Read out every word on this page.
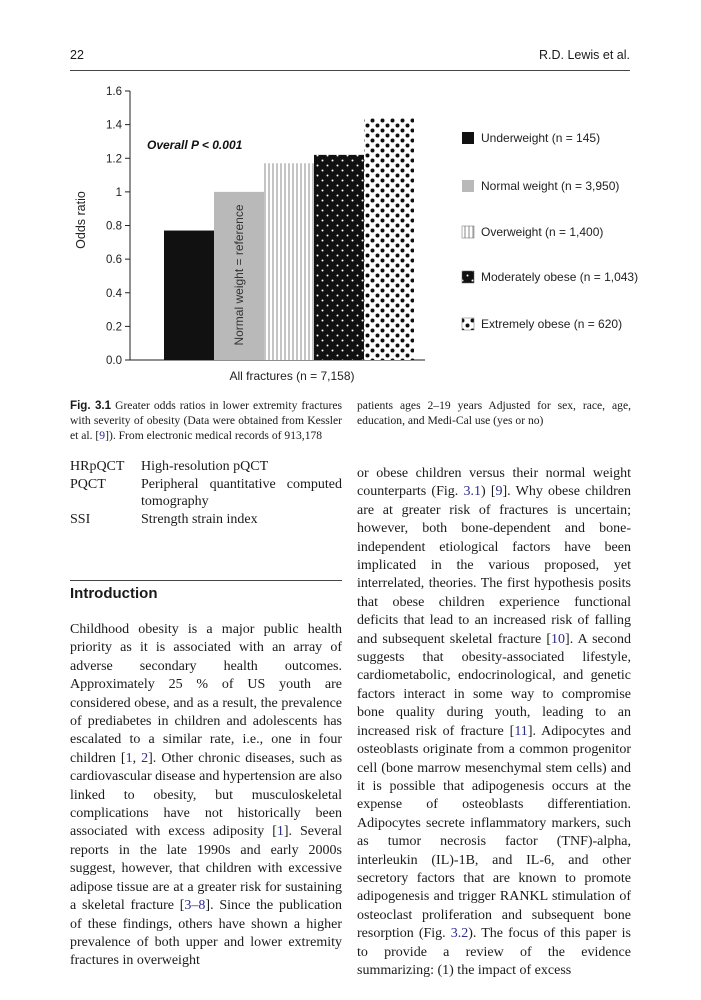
22	R.D. Lewis et al.
0.0
0.2
0.4
0.6
0.8
1
1.2
1.4
1.6
Odds ratio
All fractures (n = 7,158)
Overall P < 0.001
Normal weight = reference
Underweight (n = 145)
Normal weight (n = 3,950)
Overweight (n = 1,400)
Moderately obese (n = 1,043)
Extremely obese (n = 620)
Fig. 3.1 Greater odds ratios in lower extremity fractures with severity of obesity (Data were obtained from Kessler et al. [9]). From electronic medical records of 913,178
patients ages 2–19 years Adjusted for sex, race, age, education, and Medi-Cal use (yes or no)
HRpQCT	High-resolution pQCT
PQCT	Peripheral quantitative computed
tomography
SSI	Strength strain index
Introduction

Childhood obesity is a major public health priority as it is associated with an array of adverse secondary health outcomes. Approximately 25 % of US youth are considered obese, and as a result, the prevalence of prediabetes in children and adolescents has escalated to a similar rate, i.e., one in four children [1, 2]. Other chronic diseases, such as cardiovascular disease and hypertension are also linked to obesity, but musculoskeletal complications have not historically been associated with excess adiposity [1]. Several reports in the late 1990s and early 2000s suggest, however, that children with excessive adipose tissue are at a greater risk for sustaining a skeletal fracture [3–8]. Since the publication of these findings, others have shown a higher prevalence of both upper and lower extremity fractures in overweight

or obese children versus their normal weight counterparts (Fig. 3.1) [9]. Why obese children are at greater risk of fractures is uncertain; however, both bone-dependent and bone-independent etiological factors have been implicated in the various proposed, yet interrelated, theories. The first hypothesis posits that obese children experience functional deficits that lead to an increased risk of falling and subsequent skeletal fracture [10]. A second suggests that obesity-associated lifestyle, cardiometabolic, endocrinological, and genetic factors interact in some way to compromise bone quality during youth, leading to an increased risk of fracture [11]. Adipocytes and osteoblasts originate from a common progenitor cell (bone marrow mesenchymal stem cells) and it is possible that adipogenesis occurs at the expense of osteoblasts differentiation. Adipocytes secrete inflammatory markers, such as tumor necrosis factor (TNF)-alpha, interleukin (IL)-1B, and IL-6, and other secretory factors that are known to promote adipogenesis and trigger RANKL stimulation of osteoclast proliferation and subsequent bone resorption (Fig. 3.2). The focus of this paper is to provide a review of the evidence summarizing: (1) the impact of excess
